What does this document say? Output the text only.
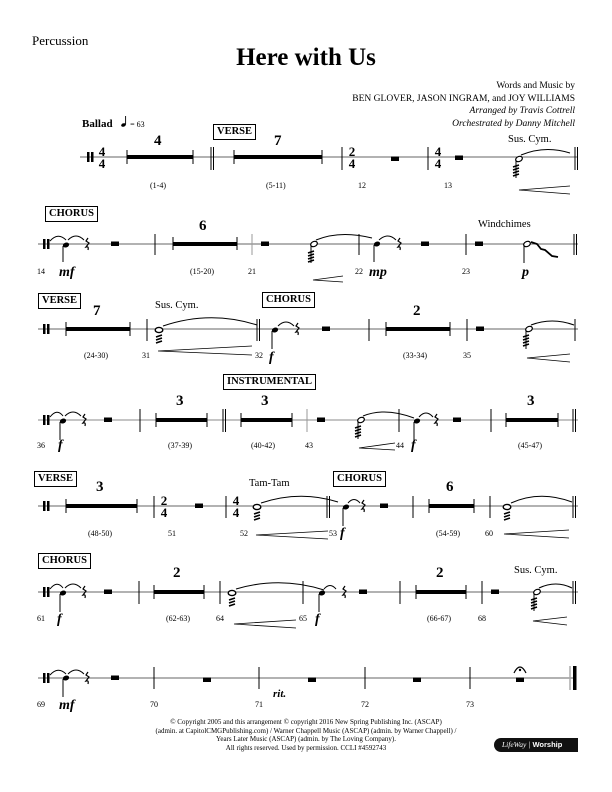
Percussion
Here with Us
Words and Music by
BEN GLOVER, JASON INGRAM, and JOY WILLIAMS
Arranged by Travis Cottrell
Orchestrated by Danny Mitchell
Ballad = 63
4
4
2
4
4
4
2
4
4
4
VERSE
4	7
(1-4)	(5-11)	12	13
Sus. Cym.
CHORUS
6
(15-20)
14	21	22	23
mf	mp	p
Windchimes
VERSE	CHORUS
7	2
(24-30)	(33-34)
31	32	35
f
Sus. Cym.
INSTRUMENTAL
3	3	3
(37-39)	(40-42)	(45-47)
36	43	44
f	f
VERSE	CHORUS
3	6
(48-50)	(54-59)
51	52	53	60
f
Tam-Tam
CHORUS
2	2
(62-63)	(66-67)
61	64	65	68
f	f
Sus. Cym.
69	70	71	72	73
mf
rit.
© Copyright 2005 and this arrangement © copyright 2016 New Spring Publishing Inc. (ASCAP)
(admin. at CapitolCMGPublishing.com) / Warner Chappell Music (ASCAP) (admin. by Warner Chappell) /
Years Later Music (ASCAP) (admin. by The Loving Company).
All rights reserved. Used by permission. CCLI #4592743	LifeWay | Worship
